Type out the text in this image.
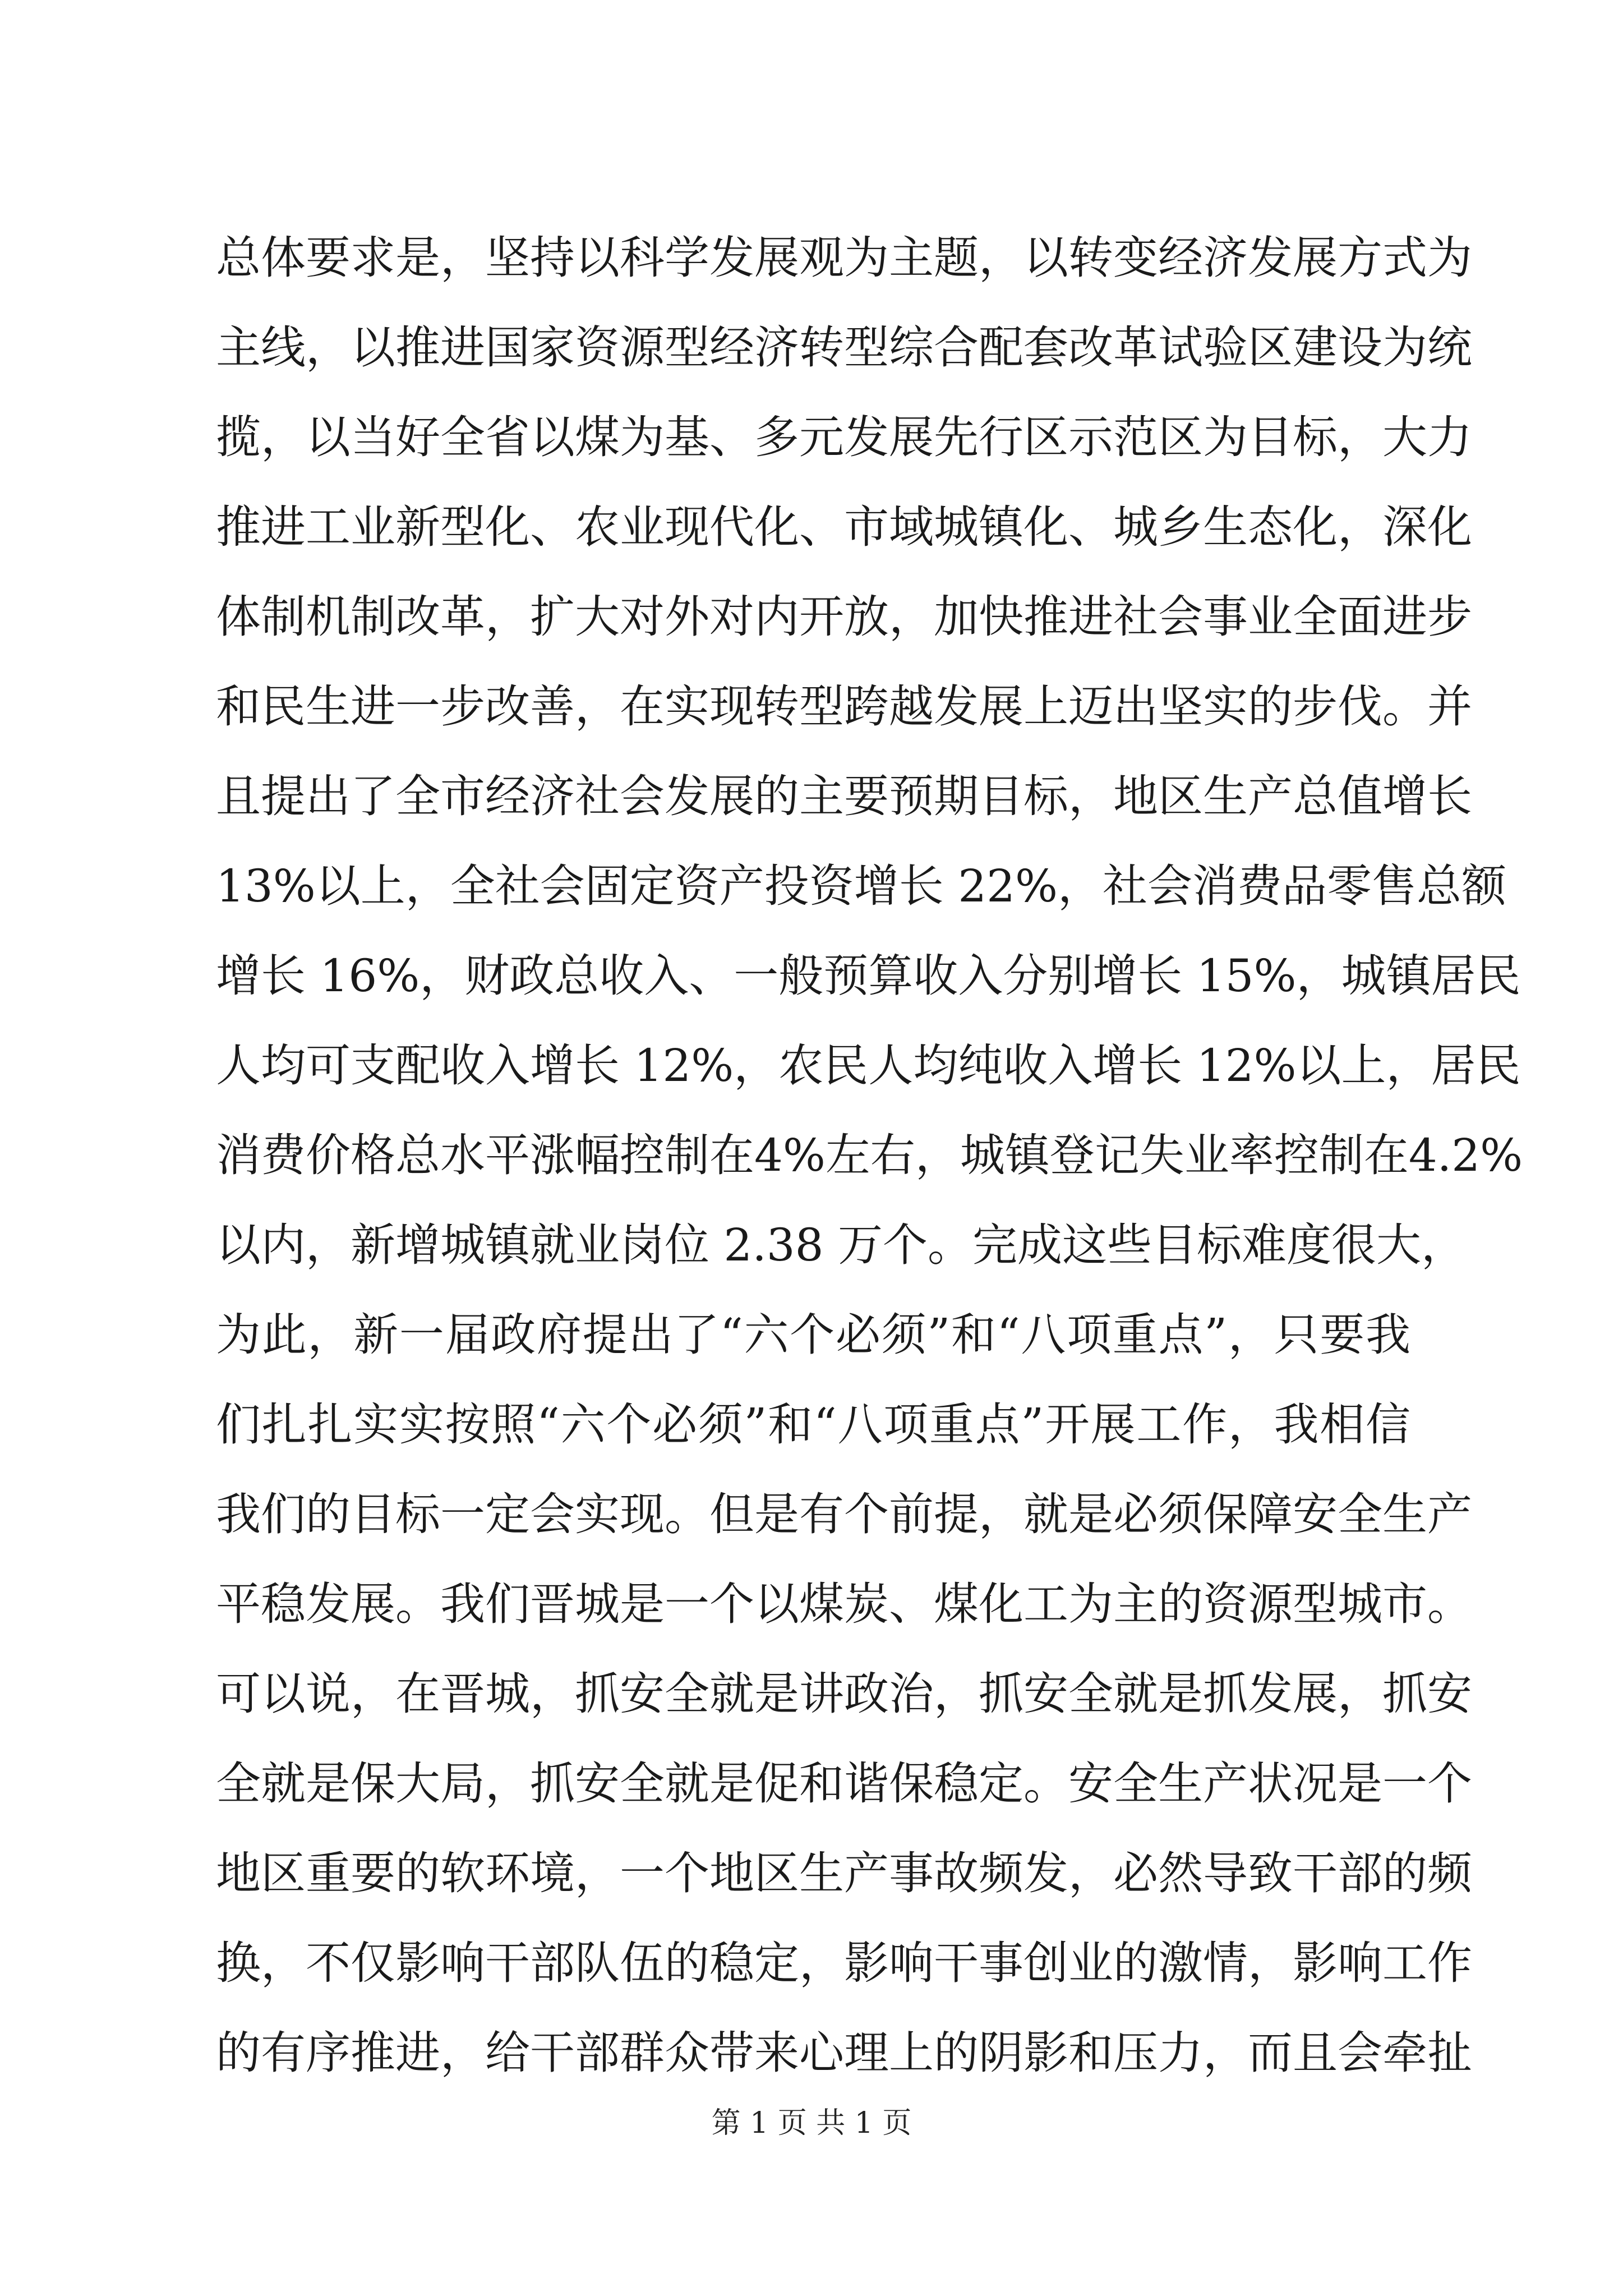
总体要求是，坚持以科学发展观为主题，以转变经济发展方式为
主线，以推进国家资源型经济转型综合配套改革试验区建设为统
揽，以当好全省以煤为基、多元发展先行区示范区为目标，大力
推进工业新型化、农业现代化、市域城镇化、城乡生态化，深化
体制机制改革，扩大对外对内开放，加快推进社会事业全面进步
和民生进一步改善，在实现转型跨越发展上迈出坚实的步伐。并
且提出了全市经济社会发展的主要预期目标，地区生产总值增长
13%以上，全社会固定资产投资增长 22%，社会消费品零售总额
增长 16%，财政总收入、一般预算收入分别增长 15%，城镇居民
人均可支配收入增长 12%，农民人均纯收入增长 12%以上，居民
消费价格总水平涨幅控制在4%左右，城镇登记失业率控制在4.2%
以内，新增城镇就业岗位 2.38 万个。完成这些目标难度很大，
为此，新一届政府提出了“六个必须”和“八项重点”，只要我
们扎扎实实按照“六个必须”和“八项重点”开展工作，我相信
我们的目标一定会实现。但是有个前提，就是必须保障安全生产
平稳发展。我们晋城是一个以煤炭、煤化工为主的资源型城市。
可以说，在晋城，抓安全就是讲政治，抓安全就是抓发展，抓安
全就是保大局，抓安全就是促和谐保稳定。安全生产状况是一个
地区重要的软环境，一个地区生产事故频发，必然导致干部的频
换，不仅影响干部队伍的稳定，影响干事创业的激情，影响工作
的有序推进，给干部群众带来心理上的阴影和压力，而且会牵扯
第 1 页 共 1 页
